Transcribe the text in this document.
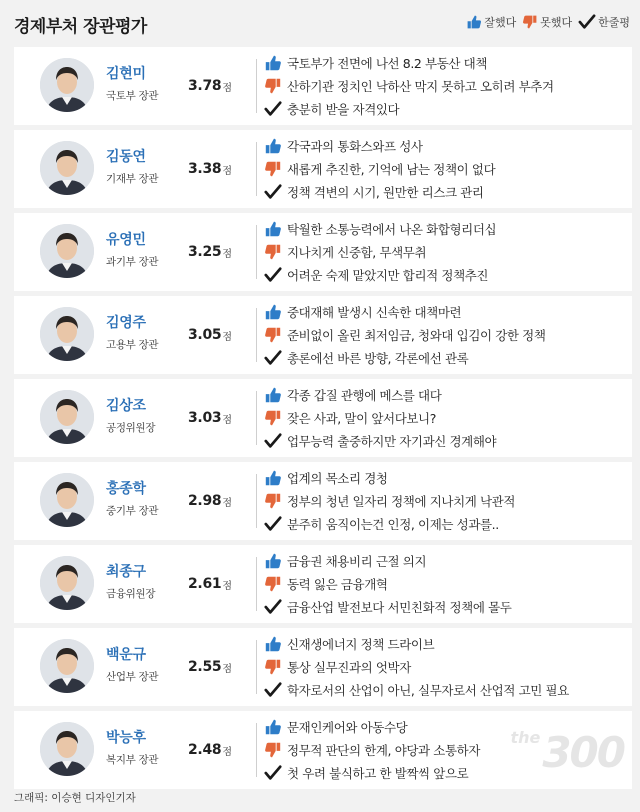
경제부처 장관평가	잘했다 못했다 한줄평
김현미
국토부 장관
3.78 점
국토부가 전면에 나선 8.2 부동산 대책
산하기관 정치인 낙하산 막지 못하고 오히려 부추겨
충분히 받을 자격있다
김동연
기재부 장관
3.38 점
각국과의 통화스와프 성사
새롭게 추진한, 기억에 남는 정책이 없다
정책 격변의 시기, 원만한 리스크 관리
유영민
과기부 장관
3.25 점
탁월한 소통능력에서 나온 화합형리더십
지나치게 신중함, 무색무취
어려운 숙제 맡았지만 합리적 정책추진
김영주
고용부 장관
3.05 점
중대재해 발생시 신속한 대책마련
준비없이 올린 최저임금, 청와대 입김이 강한 정책
총론에선 바른 방향, 각론에선 관록
김상조
공정위원장
3.03 점
각종 갑질 관행에 메스를 대다
잦은 사과, 말이 앞서다보니?
업무능력 출중하지만 자기과신 경계해야
홍종학
중기부 장관
2.98 점
업계의 목소리 경청
정부의 청년 일자리 정책에 지나치게 낙관적
분주히 움직이는건 인정, 이제는 성과를..
최종구
금융위원장
2.61 점
금융권 채용비리 근절 의지
동력 잃은 금융개혁
금융산업 발전보다 서민친화적 정책에 몰두
백운규
산업부 장관
2.55 점
신재생에너지 정책 드라이브
통상 실무진과의 엇박자
학자로서의 산업이 아닌, 실무자로서 산업적 고민 필요
박능후
복지부 장관
2.48 점
문재인케어와 아동수당
정무적 판단의 한계, 야당과 소통하자
첫 우려 불식하고 한 발짝씩 앞으로
그래픽: 이승현 디자인기자
the300
